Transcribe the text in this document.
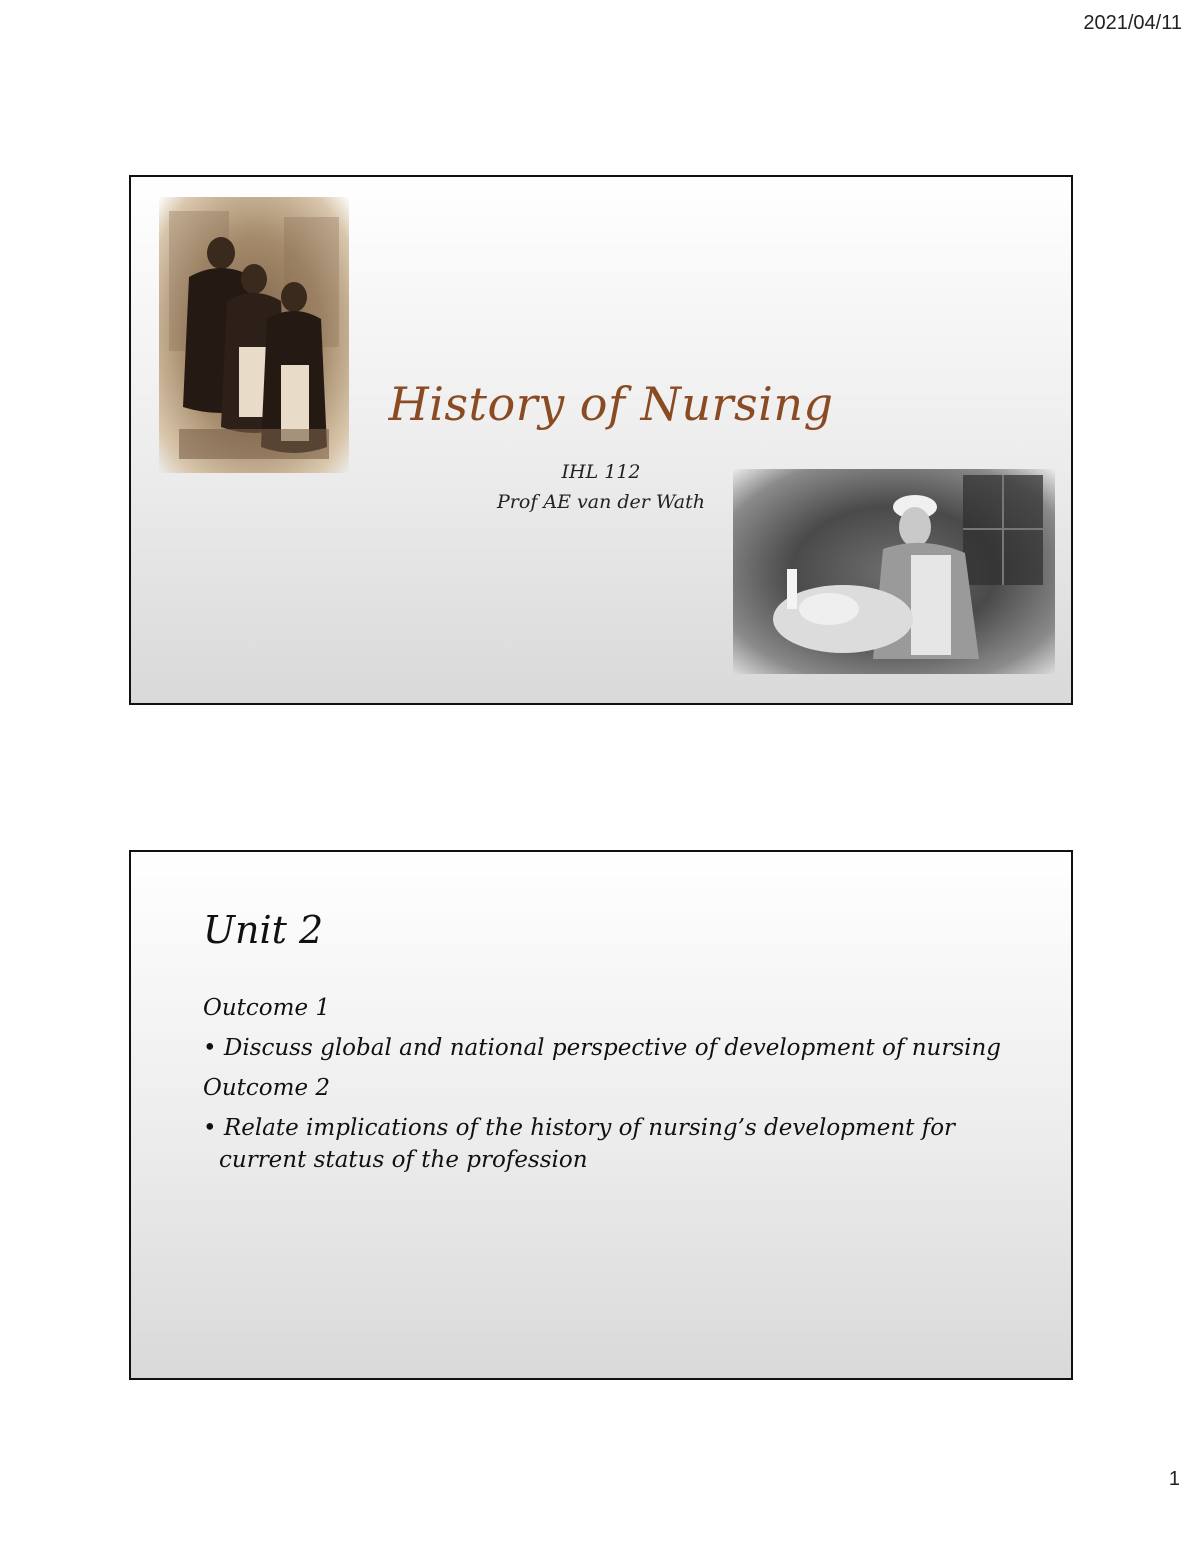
2021/04/11
History of Nursing
IHL 112
Prof AE van der Wath
Unit 2
Outcome 1
• Discuss global and national perspective of development of nursing
Outcome 2
• Relate implications of the history of nursing’s development for current status of the profession
1
